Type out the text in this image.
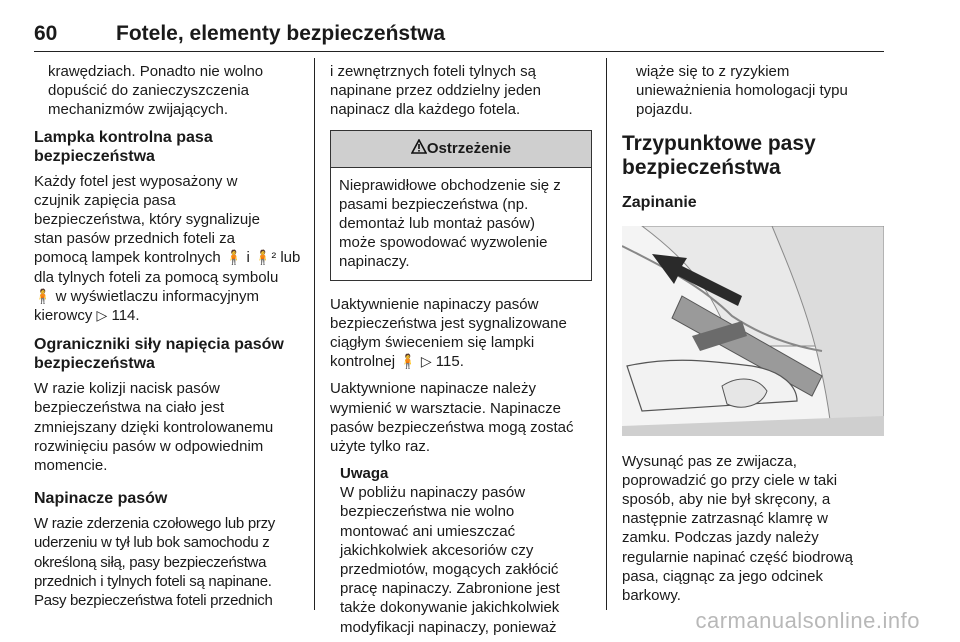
60	Fotele, elementy bezpieczeństwa

krawędziach. Ponadto nie wolno

dopuścić do zanieczyszczenia

mechanizmów zwijających.

Lampka kontrolna pasa
bezpieczeństwa

Każdy fotel jest wyposażony w

czujnik zapięcia pasa

bezpieczeństwa, który sygnalizuje

stan pasów przednich foteli za

pomocą lampek kontrolnych 🧍 i 🧍² lub

dla tylnych foteli za pomocą symbolu

🧍 w wyświetlaczu informacyjnym

kierowcy ▷ 114.

Ograniczniki siły napięcia pasów
bezpieczeństwa

W razie kolizji nacisk pasów

bezpieczeństwa na ciało jest

zmniejszany dzięki kontrolowanemu

rozwinięciu pasów w odpowiednim

momencie.

Napinacze pasów

W razie zderzenia czołowego lub przy

uderzeniu w tył lub bok samochodu z

określoną siłą, pasy bezpieczeństwa

przednich i tylnych foteli są napinane.

Pasy bezpieczeństwa foteli przednich

i zewnętrznych foteli tylnych są

napinane przez oddzielny jeden

napinacz dla każdego fotela.

Ostrzeżenie

Nieprawidłowe obchodzenie się z

pasami bezpieczeństwa (np.

demontaż lub montaż pasów)

może spowodować wyzwolenie

napinaczy.

Uaktywnienie napinaczy pasów

bezpieczeństwa jest sygnalizowane

ciągłym świeceniem się lampki

kontrolnej 🧍 ▷ 115.

Uaktywnione napinacze należy

wymienić w warsztacie. Napinacze

pasów bezpieczeństwa mogą zostać

użyte tylko raz.

Uwaga

W pobliżu napinaczy pasów

bezpieczeństwa nie wolno

montować ani umieszczać

jakichkolwiek akcesoriów czy

przedmiotów, mogących zakłócić

pracę napinaczy. Zabronione jest

także dokonywanie jakichkolwiek

modyfikacji napinaczy, ponieważ

wiąże się to z ryzykiem

unieważnienia homologacji typu

pojazdu.

Trzypunktowe pasy
bezpieczeństwa
Zapinanie

Wysunąć pas ze zwijacza,

poprowadzić go przy ciele w taki

sposób, aby nie był skręcony, a

następnie zatrzasnąć klamrę w

zamku. Podczas jazdy należy

regularnie napinać część biodrową

pasa, ciągnąc za jego odcinek

barkowy.

carmanualsonline.info
